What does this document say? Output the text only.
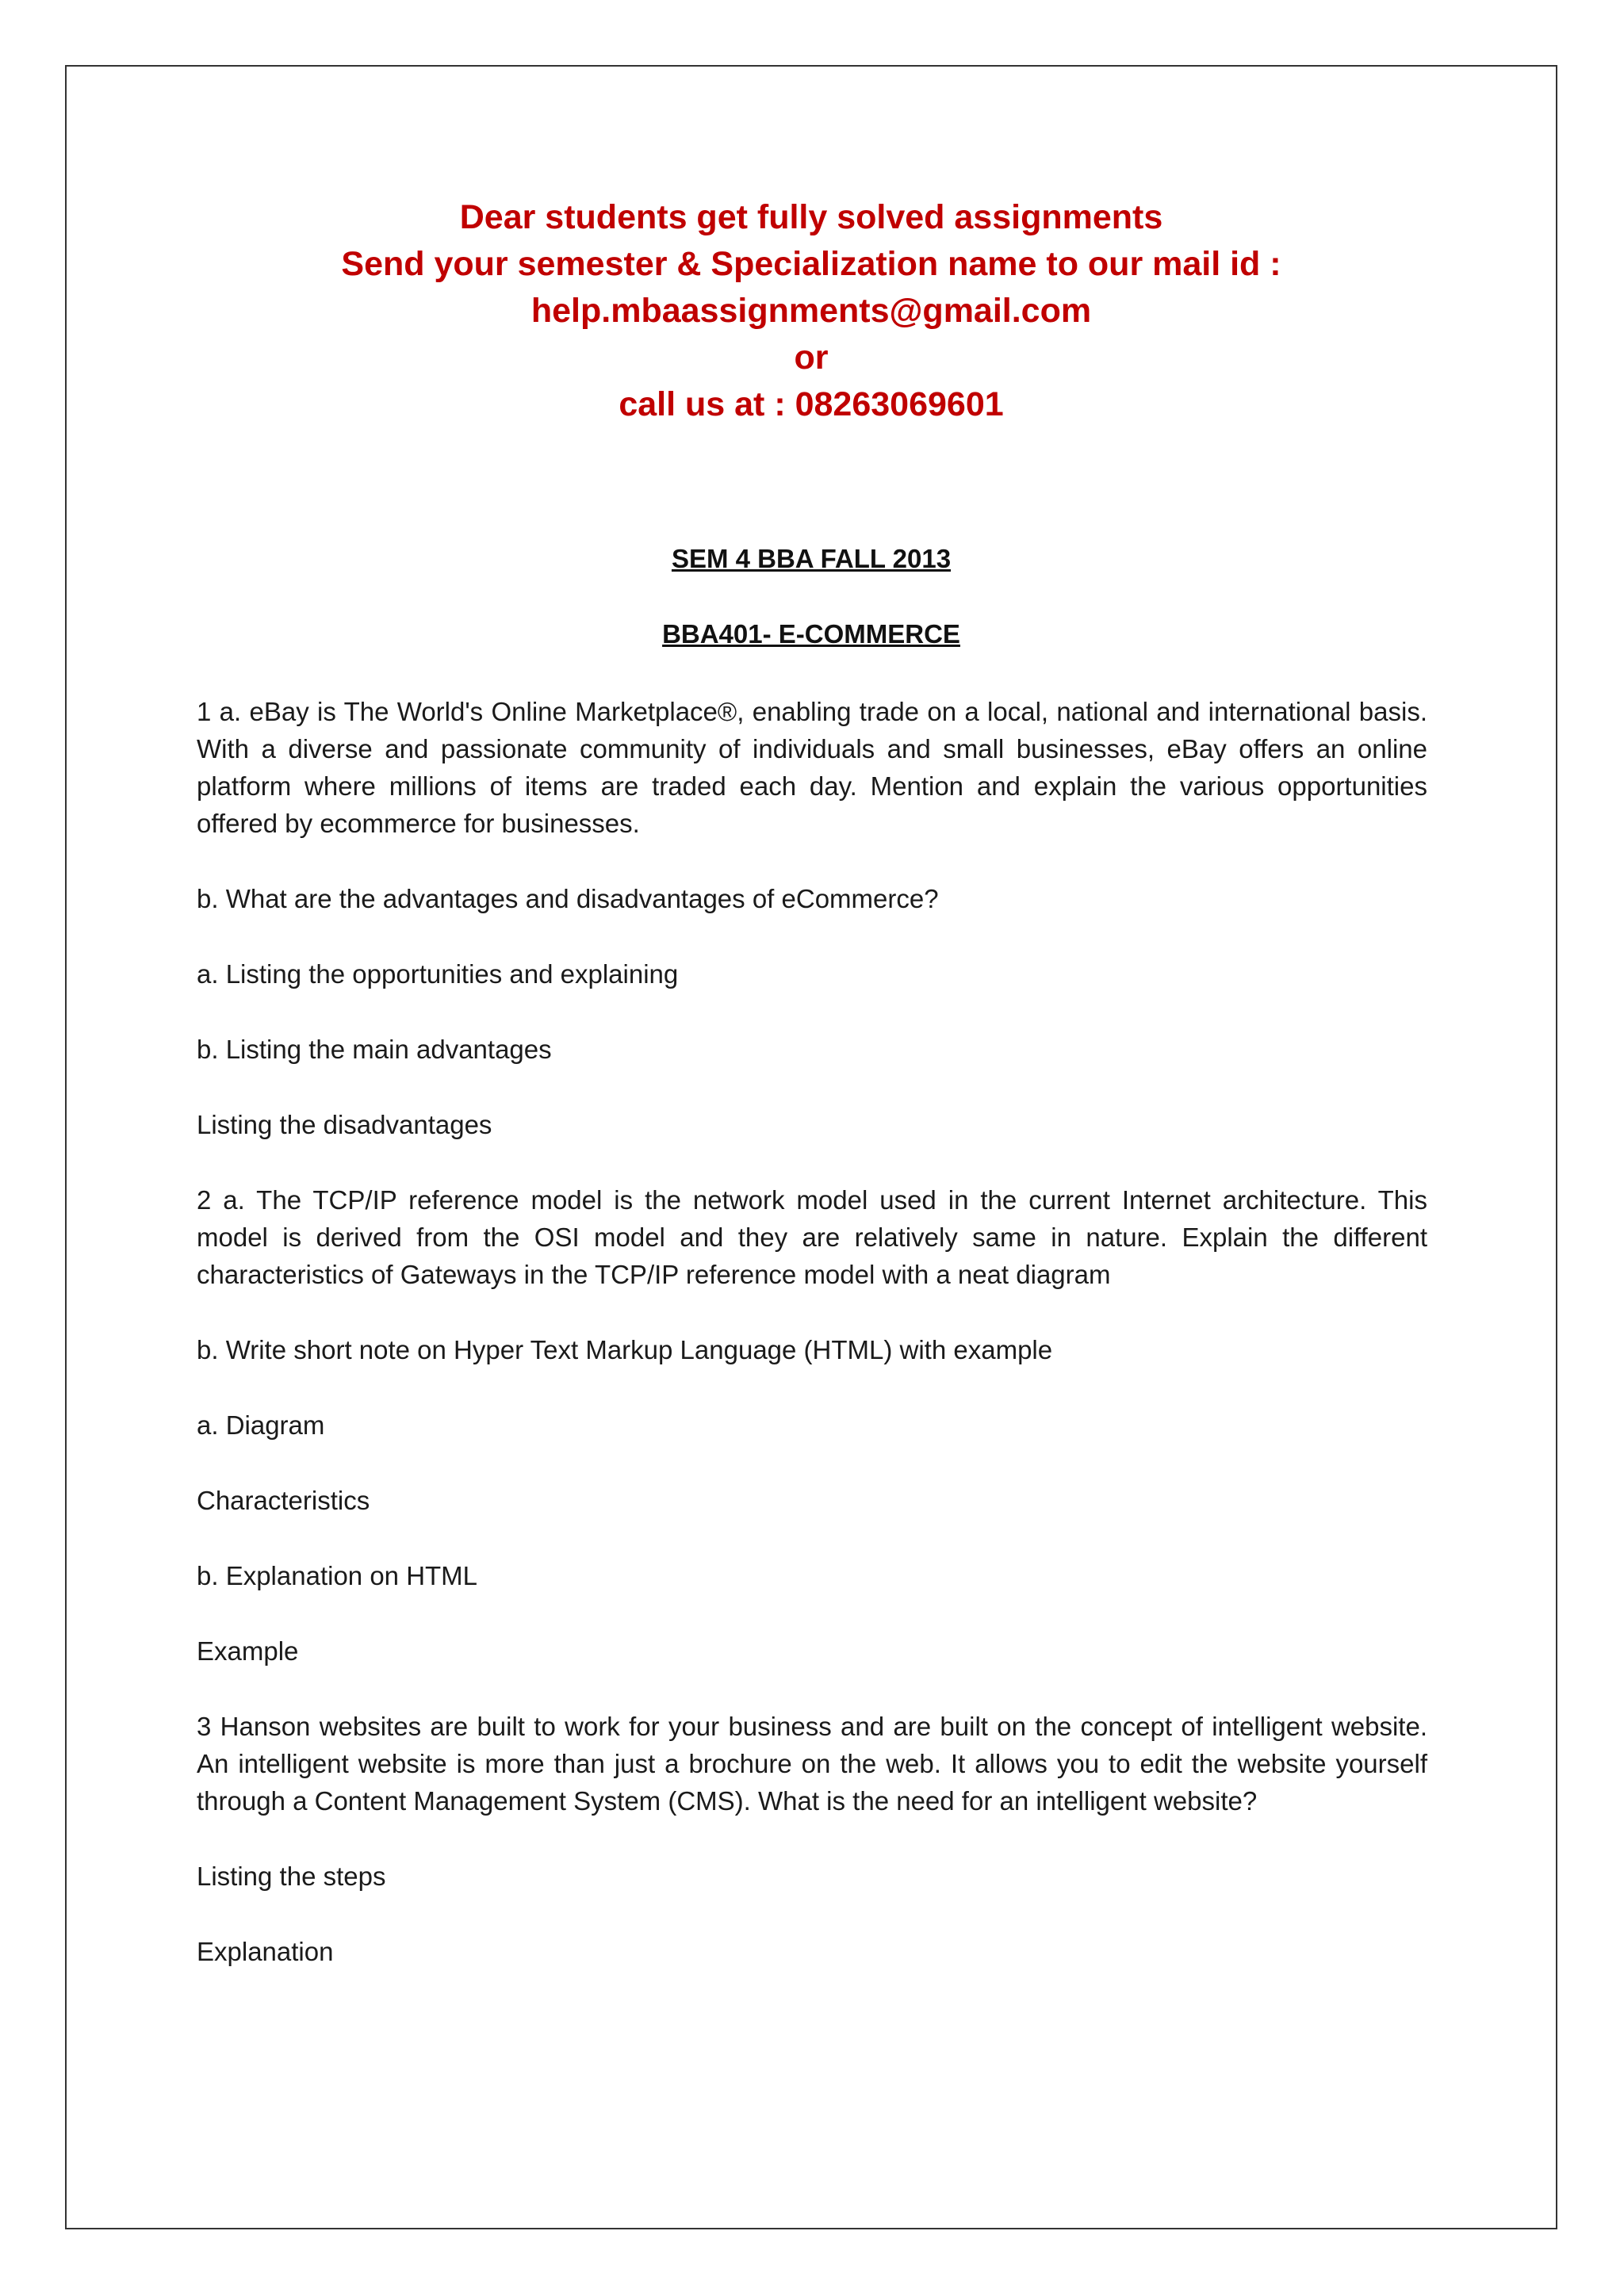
Dear students get fully solved assignments
Send your semester & Specialization name to our mail id :
help.mbaassignments@gmail.com
or
call us at : 08263069601
SEM 4 BBA FALL 2013
BBA401- E-COMMERCE

1 a. eBay is The World's Online Marketplace®, enabling trade on a local, national and international basis. With a diverse and passionate community of individuals and small businesses, eBay offers an online platform where millions of items are traded each day. Mention and explain the various opportunities offered by ecommerce for businesses.

b. What are the advantages and disadvantages of eCommerce?

a. Listing the opportunities and explaining

b. Listing the main advantages

Listing the disadvantages

2 a. The TCP/IP reference model is the network model used in the current Internet architecture. This model is derived from the OSI model and they are relatively same in nature. Explain the different characteristics of Gateways in the TCP/IP reference model with a neat diagram

b. Write short note on Hyper Text Markup Language (HTML) with example

a. Diagram

Characteristics

b. Explanation on HTML

Example

3 Hanson websites are built to work for your business and are built on the concept of intelligent website. An intelligent website is more than just a brochure on the web. It allows you to edit the website yourself through a Content Management System (CMS). What is the need for an intelligent website?

Listing the steps

Explanation
